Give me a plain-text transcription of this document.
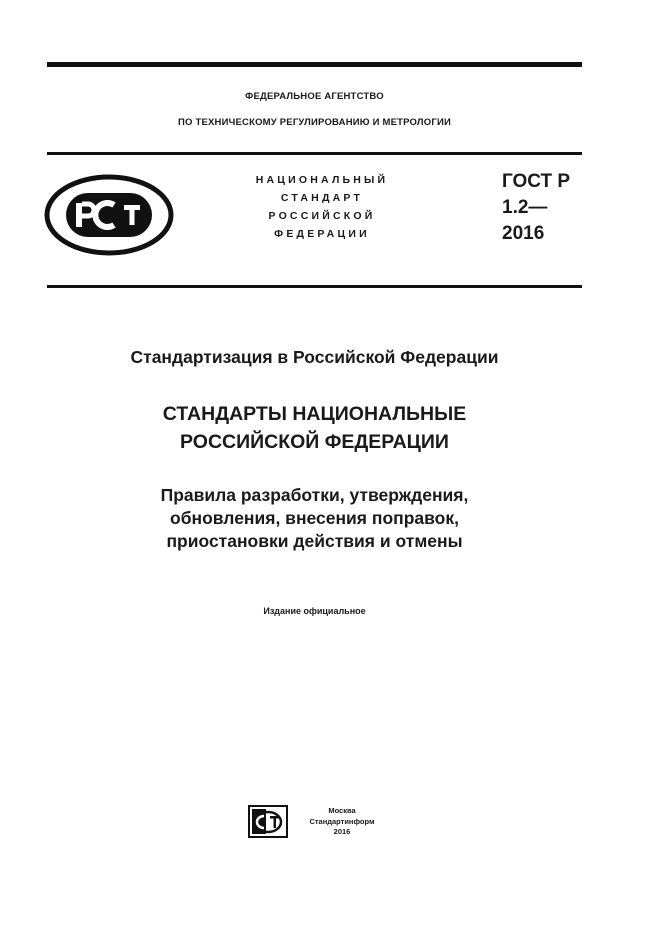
ФЕДЕРАЛЬНОЕ АГЕНТСТВО
ПО ТЕХНИЧЕСКОМУ РЕГУЛИРОВАНИЮ И МЕТРОЛОГИИ
НАЦИОНАЛЬНЫЙ
СТАНДАРТ
РОССИЙСКОЙ
ФЕДЕРАЦИИ
ГОСТ Р
1.2—
2016
Стандартизация в Российской Федерации
СТАНДАРТЫ НАЦИОНАЛЬНЫЕ
РОССИЙСКОЙ ФЕДЕРАЦИИ
Правила разработки, утверждения,
обновления, внесения поправок,
приостановки действия и отмены
Издание официальное
Москва
Стандартинформ
2016
